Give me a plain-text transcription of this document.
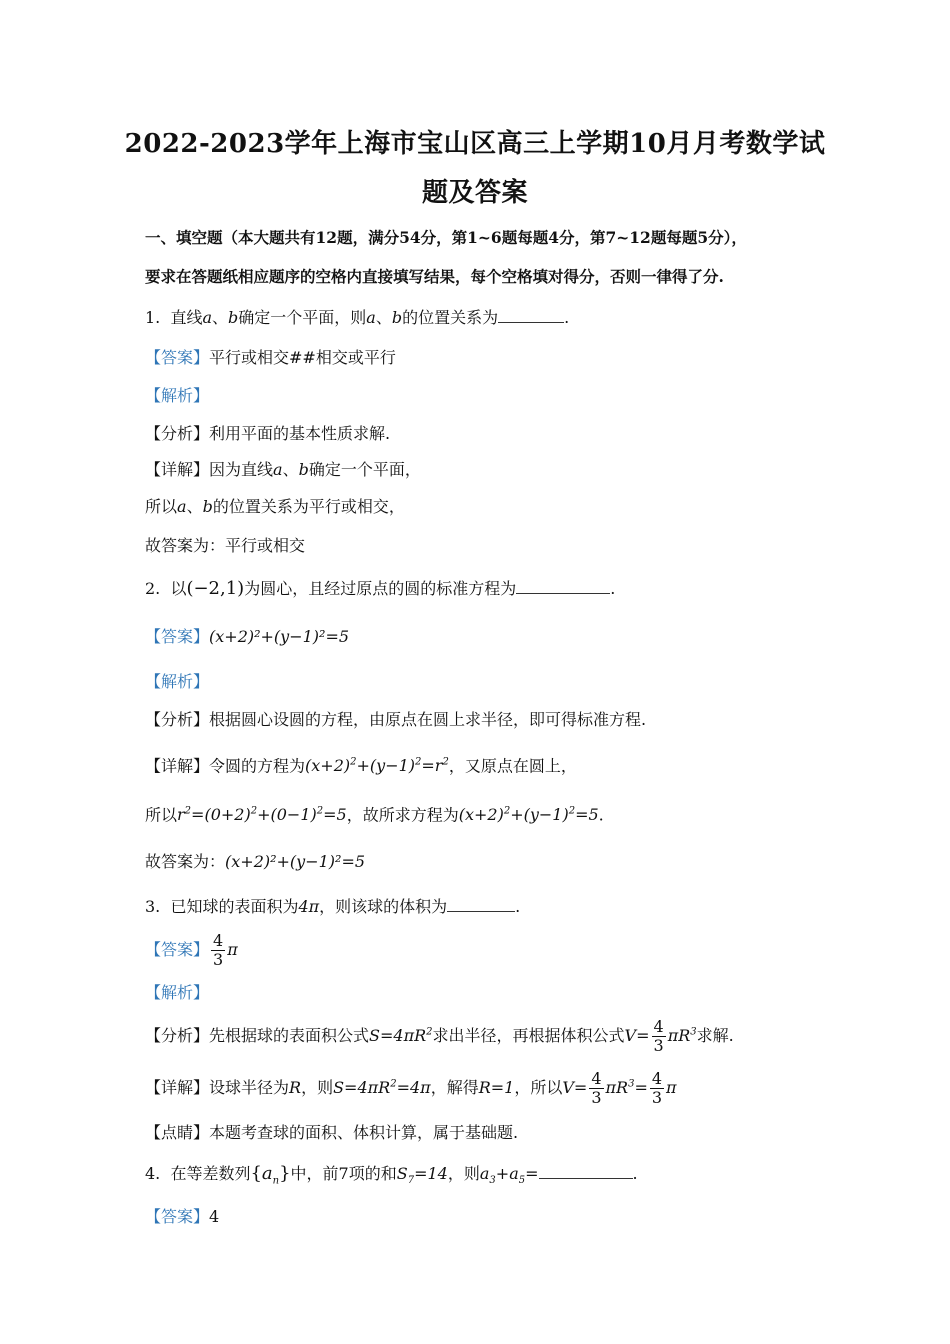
2022-2023学年上海市宝山区高三上学期10月月考数学试
题及答案
一、填空题（本大题共有12题，满分54分，第1~6题每题4分，第7~12题每题5分），
要求在答题纸相应题序的空格内直接填写结果，每个空格填对得分，否则一律得了分.
1. 直线a、b确定一个平面，则a、b的位置关系为	.
【答案】平行或相交##相交或平行
【解析】
【分析】利用平面的基本性质求解.
【详解】因为直线a、b确定一个平面，
所以a、b的位置关系为平行或相交，
故答案为：平行或相交
2. 以(−2,1)为圆心，且经过原点的圆的标准方程为	.
【答案】(x+2)²+(y−1)²=5
【解析】
【分析】根据圆心设圆的方程，由原点在圆上求半径，即可得标准方程.
【详解】令圆的方程为$(x+2)^2+(y-1)^2=r^2$，又原点在圆上，
所以$r^2=(0+2)^2+(0-1)^2=5$，故所求方程为$(x+2)^2+(y-1)^2=5$.
故答案为：(x+2)²+(y−1)²=5
3. 已知球的表面积为4π，则该球的体积为	.
【答案】 $\frac{4}{3}$ π
【解析】
【分析】先根据球的表面积公式$S=4\pi R^2$求出半径，再根据体积公式$V= \frac{4}{3} \pi R^3$求解.
【详解】设球半径为R，则$S=4\pi R^2=4\pi$，解得R=1，所以$V= \frac{4}{3} \pi R^3= \frac{4}{3}$ π
【点睛】本题考查球的面积、体积计算，属于基础题.
4. 在等差数列$\{a_n\}$中，前7项的和$S_7=14$，则$a_3+a_5=$	.
【答案】4
